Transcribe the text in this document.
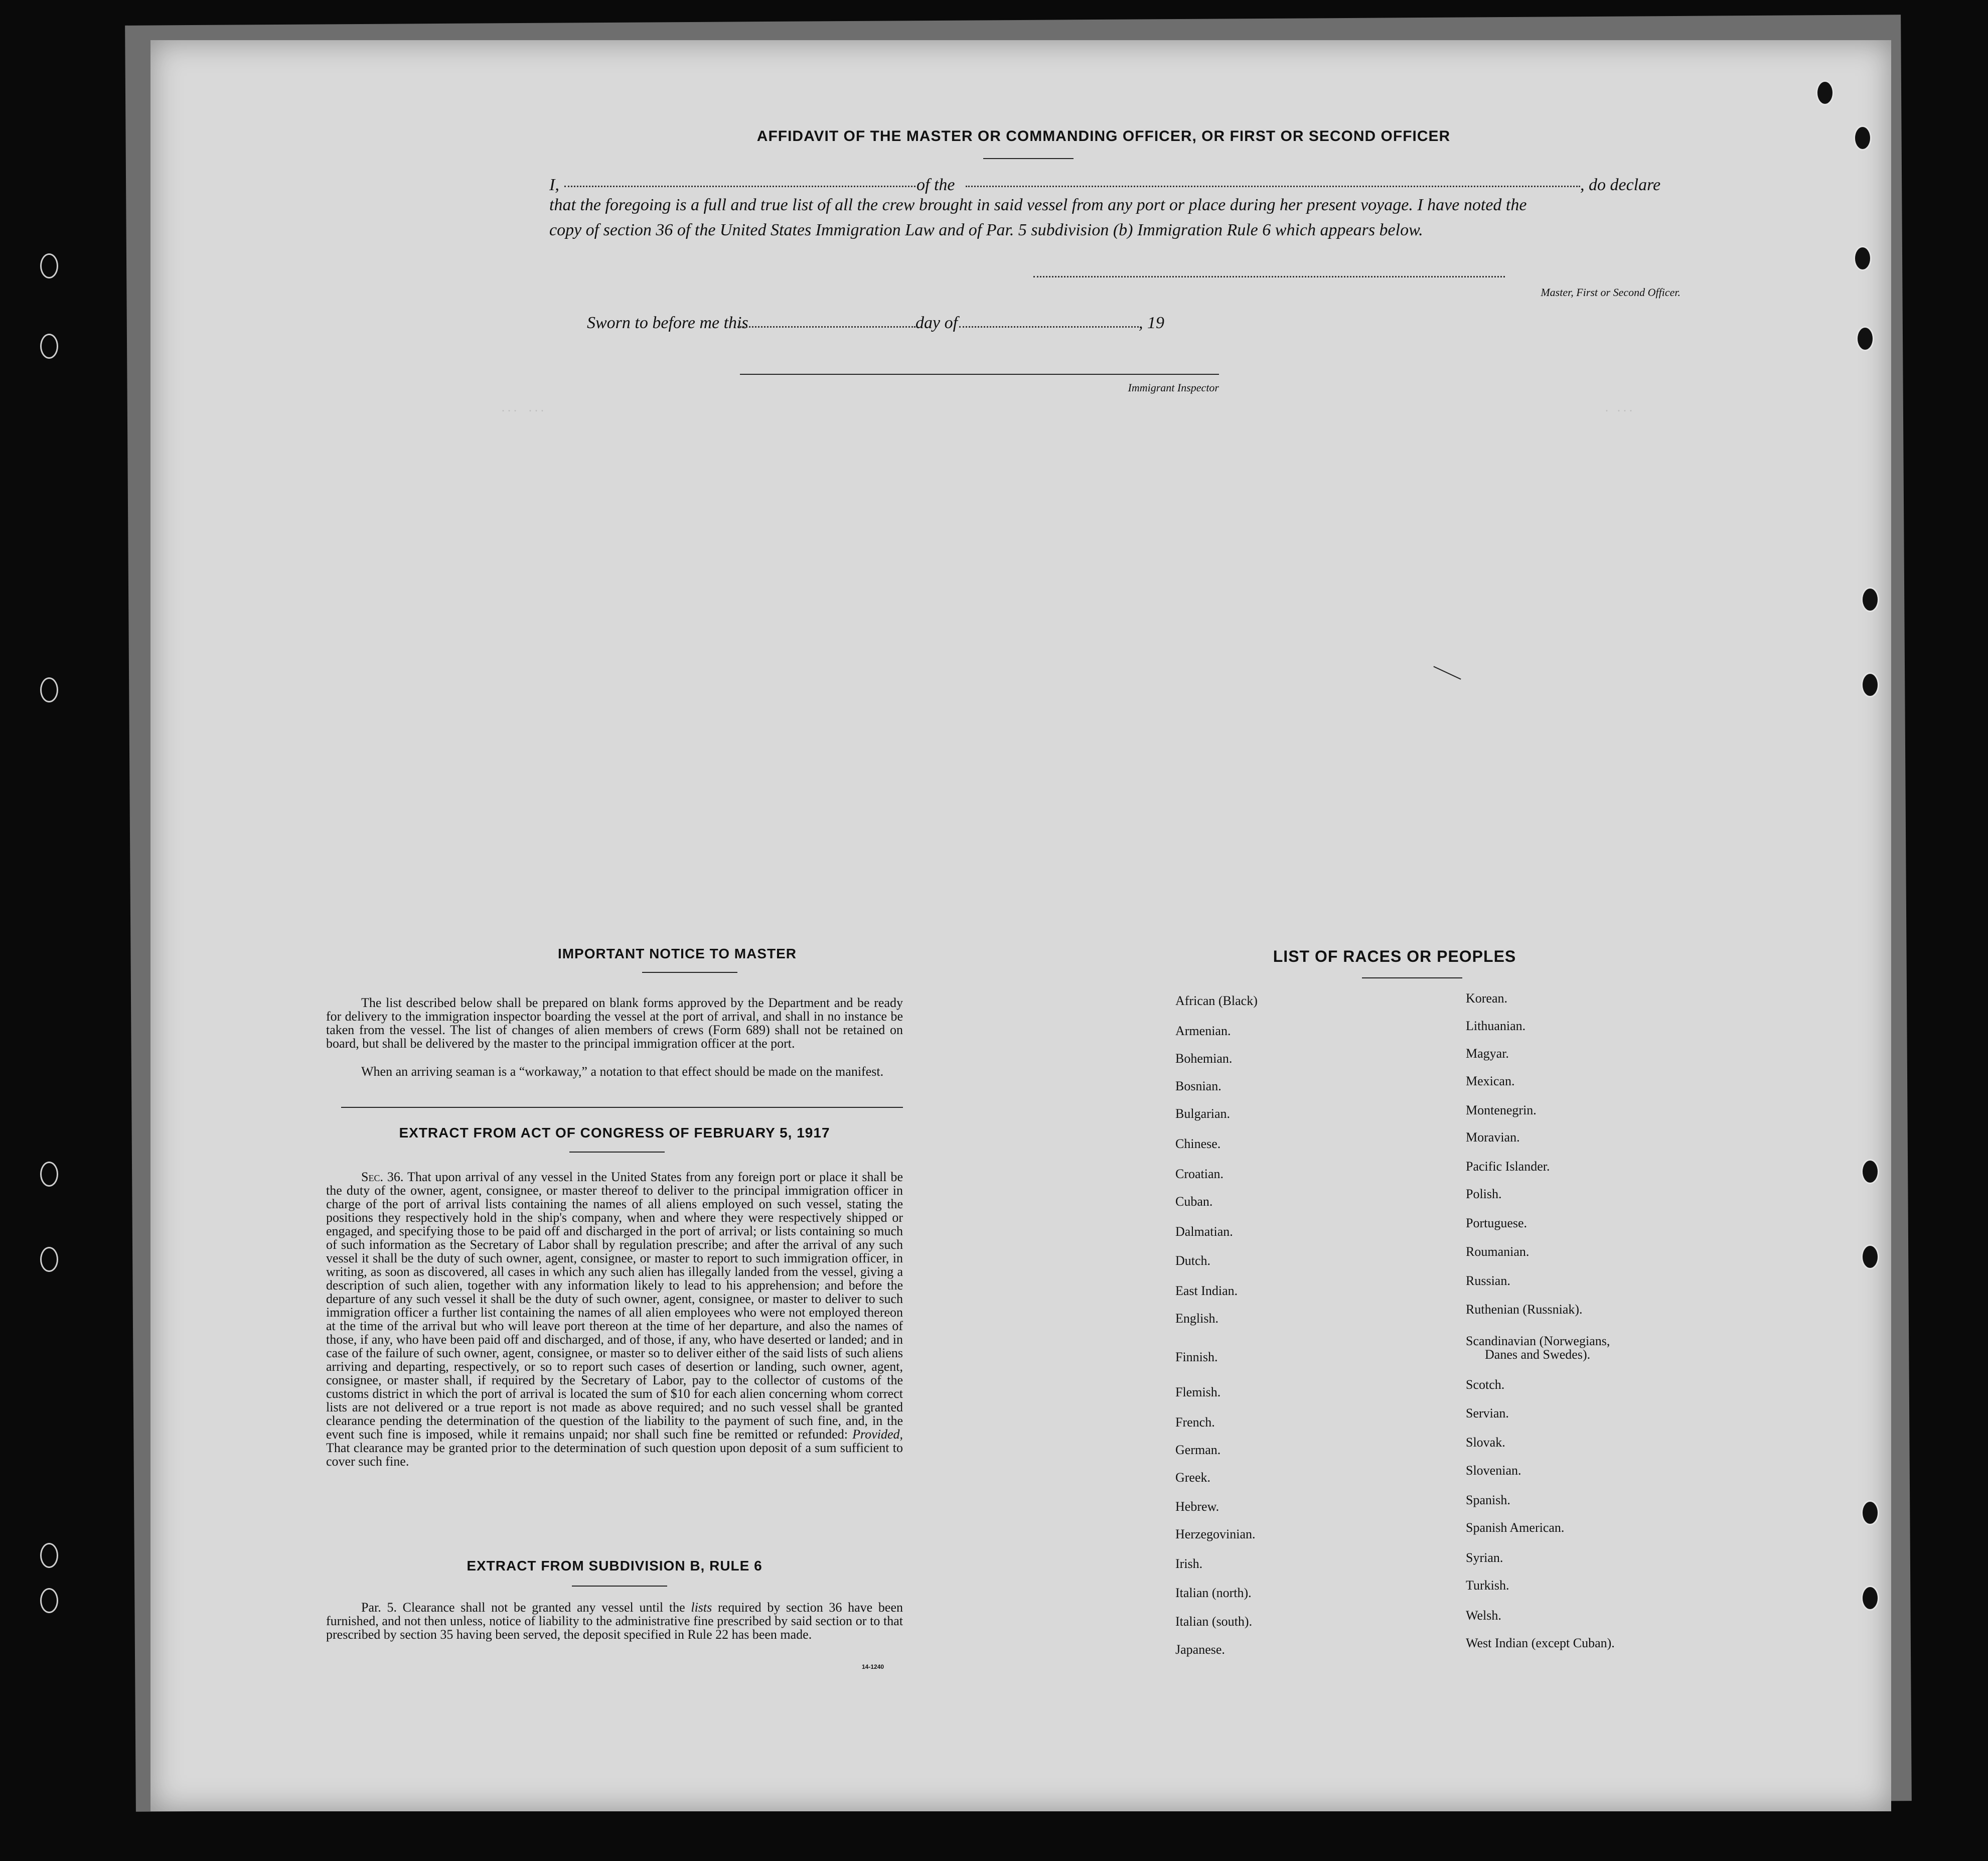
AFFIDAVIT OF THE MASTER OR COMMANDING OFFICER, OR FIRST OR SECOND OFFICER
I,	of the	, do declare
that the foregoing is a full and true list of all the crew brought in said vessel from any port or place during her present voyage. I have noted the
copy of section 36 of the United States Immigration Law and of Par. 5 subdivision (b) Immigration Rule 6 which appears below.
Master, First or Second Officer.
Sworn to before me this	day of	, 19
Immigrant Inspector
. . .    . . .	.   . . .
IMPORTANT NOTICE TO MASTER
The list described below shall be prepared on blank forms approved by the Department and be ready for delivery to the immigration inspector boarding the vessel at the port of arrival, and shall in no instance be taken from the vessel. The list of changes of alien members of crews (Form 689) shall not be retained on board, but shall be delivered by the master to the principal immigration officer at the port.
When an arriving seaman is a “workaway,” a notation to that effect should be made on the manifest.
EXTRACT FROM ACT OF CONGRESS OF FEBRUARY 5, 1917
Sec. 36. That upon arrival of any vessel in the United States from any foreign port or place it shall be the duty of the owner, agent, consignee, or master thereof to deliver to the principal immigration officer in charge of the port of arrival lists containing the names of all aliens employed on such vessel, stating the positions they respectively hold in the ship's company, when and where they were respectively shipped or engaged, and specifying those to be paid off and discharged in the port of arrival; or lists containing so much of such information as the Secretary of Labor shall by regulation prescribe; and after the arrival of any such vessel it shall be the duty of such owner, agent, consignee, or master to report to such immigration officer, in writing, as soon as discovered, all cases in which any such alien has illegally landed from the vessel, giving a description of such alien, together with any information likely to lead to his apprehension; and before the departure of any such vessel it shall be the duty of such owner, agent, consignee, or master to deliver to such immigration officer a further list containing the names of all alien employees who were not employed thereon at the time of the arrival but who will leave port thereon at the time of her departure, and also the names of those, if any, who have been paid off and discharged, and of those, if any, who have deserted or landed; and in case of the failure of such owner, agent, consignee, or master so to deliver either of the said lists of such aliens arriving and departing, respectively, or so to report such cases of desertion or landing, such owner, agent, consignee, or master shall, if required by the Secretary of Labor, pay to the collector of customs of the customs district in which the port of arrival is located the sum of $10 for each alien concerning whom correct lists are not delivered or a true report is not made as above required; and no such vessel shall be granted clearance pending the determination of the question of the liability to the payment of such fine, and, in the event such fine is imposed, while it remains unpaid; nor shall such fine be remitted or refunded: Provided, That clearance may be granted prior to the determination of such question upon deposit of a sum sufficient to cover such fine.
EXTRACT FROM SUBDIVISION B, RULE 6
Par. 5. Clearance shall not be granted any vessel until the lists required by section 36 have been furnished, and not then unless, notice of liability to the administrative fine prescribed by said section or to that prescribed by section 35 having been served, the deposit specified in Rule 22 has been made.
14-1240
LIST OF RACES OR PEOPLES
African (Black)
Armenian.
Bohemian.
Bosnian.
Bulgarian.
Chinese.
Croatian.
Cuban.
Dalmatian.
Dutch.
East Indian.
English.
Finnish.
Flemish.
French.
German.
Greek.
Hebrew.
Herzegovinian.
Irish.
Italian (north).
Italian (south).
Japanese.
Korean.
Lithuanian.
Magyar.
Mexican.
Montenegrin.
Moravian.
Pacific Islander.
Polish.
Portuguese.
Roumanian.
Russian.
Ruthenian (Russniak).
Scandinavian (Norwegians,
Danes and Swedes).
Scotch.
Servian.
Slovak.
Slovenian.
Spanish.
Spanish American.
Syrian.
Turkish.
Welsh.
West Indian (except Cuban).
